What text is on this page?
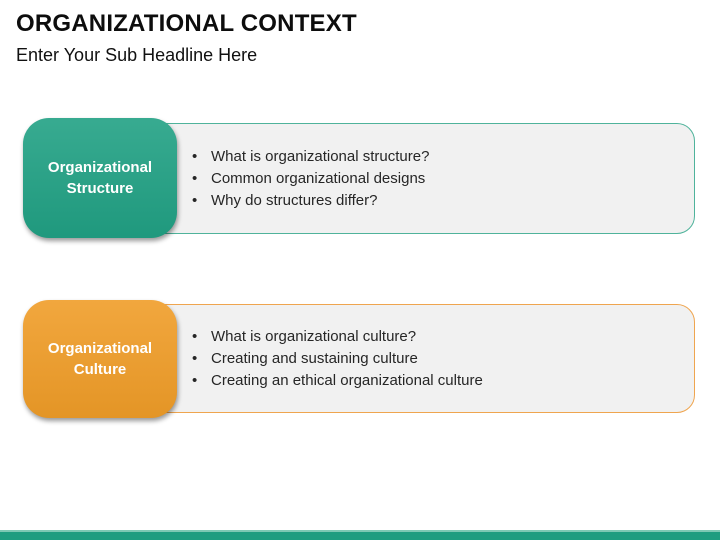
ORGANIZATIONAL CONTEXT
Enter Your Sub Headline Here
• What is organizational structure?
• Common organizational designs
• Why do structures differ?
Organizational
Structure
• What is organizational culture?
• Creating and sustaining culture
• Creating an ethical organizational culture
Organizational
Culture
